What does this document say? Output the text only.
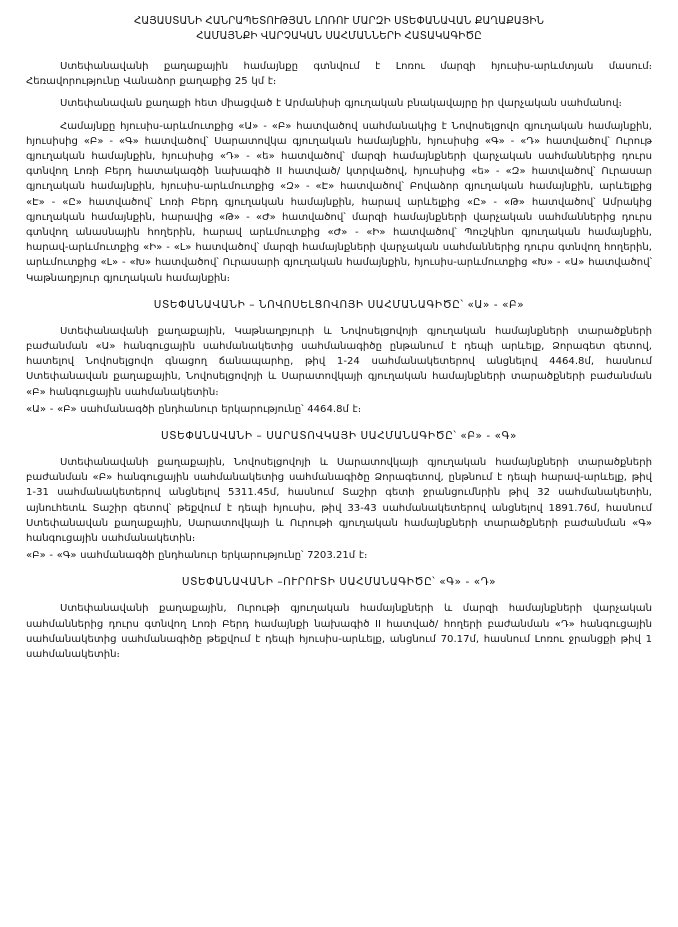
ՀԱՅԱՍՏԱՆԻ ՀԱՆՐԱՊԵՏՈՒԹՅԱՆ ԼՈՌՈՒ ՄԱՐԶԻ ՍՏԵՓԱՆԱՎԱՆ ՔԱՂԱՔԱՅԻՆ
ՀԱՄԱՅՆՔԻ ՎԱՐՉԱԿԱՆ ՍԱՀՄԱՆՆԵՐԻ ՀԱՏԱԿԱԳԻԾԸ

Ստեփանավանի քաղաքային համայնքը գտնվում է Լոռու մարզի հյուսիս-արևմտյան մասում։ Հեռավորությունը Վանաձոր քաղաքից 25 կմ է։

Ստեփանավան քաղաքի հետ միացված է Արմանիսի գյուղական բնակավայրը իր վարչական սահմանով։

Համայնքը հյուսիս-արևմուտքից «Ա» - «Բ» հատվածով սահմանակից է Նովոսելցովո գյուղական համայնքին, հյուսիսից «Բ» - «Գ» հատվածով՝ Սարատովկա գյուղական համայնքին, հյուսիսից «Գ» - «Դ» հատվածով՝ Ուրութ գյուղական համայնքին, հյուսիսից «Դ» - «ե» հատվածով՝ մարզի համայնքների վարչական սահմաններից դուրս գտնվող Լոռի Բերդ հատակագծի նախագիծ II հատված/ կտրվածով, հյուսիսից «ե» - «Զ» հատվածով՝ Ուրասար գյուղական համայնքին, հյուսիս-արևմուտքից «Զ» - «Է» հատվածով՝ Բովաձոր գյուղական համայնքին, արևելքից «Է» - «Ը» հատվածով՝ Լոռի Բերդ գյուղական համայնքին, հարավ արևելքից «Ը» - «Թ» հատվածով՝ Ամրակից գյուղական համայնքին, հարավից «Թ» - «Ժ» հատվածով՝ մարզի համայնքների վարչական սահմաններից դուրս գտնվող անասնային հողերին, հարավ արևմուտքից «Ժ» - «Ի» հատվածով՝ Պուշկինո գյուղական համայնքին, հարավ-արևմուտքից «Ի» - «Լ» հատվածով՝ մարզի համայնքների վարչական սահմաններից դուրս գտնվող հողերին, արևմուտքից «Լ» - «Խ» հատվածով՝ Ուրասարի գյուղական համայնքին, հյուսիս-արևմուտքից «Խ» - «Ա» հատվածով՝ Կաթնաղբյուր գյուղական համայնքին։

ՍՏԵՓԱՆԱՎԱՆԻ – ՆՈՎՈՍԵԼՑՈՎՈՅԻ ՍԱՀՄԱՆԱԳԻԾԸ՝ «Ա» - «Բ»

Ստեփանավանի քաղաքային, Կաթնաղբյուրի և Նովոսելցովոյի գյուղական համայնքների տարածքների բաժանման «Ա» հանգուցային սահմանակետից սահմանագիծը ընթանում է դեպի արևելք, Ձորագետ գետով, հատելով Նովոսելցովո գնացող ճանապարհը, թիվ 1-24 սահմանակետերով անցնելով 4464.8մ, հասնում Ստեփանավան քաղաքային, Նովոսելցովոյի և Սարատովկայի գյուղական համայնքների տարածքների բաժանման «Բ» հանգուցային սահմանակետին։

«Ա» - «Բ» սահմանագծի ընդհանուր երկարությունը՝ 4464.8մ է։

ՍՏԵՓԱՆԱՎԱՆԻ – ՍԱՐԱՏՈՎԿԱՅԻ ՍԱՀՄԱՆԱԳԻԾԸ՝ «Բ» - «Գ»

Ստեփանավանի քաղաքային, Նովոսելցովոյի և Սարատովկայի գյուղական համայնքների տարածքների բաժանման «Բ» հանգուցային սահմանակետից սահմանագիծը Ձորագետով, ընթնում է դեպի հարավ-արևելք, թիվ 1-31 սահմանակետերով անցնելով 5311.45մ, հասնում Տաշիր գետի ջրանցումնրին թիվ 32 սահմանակետին, այնուհետև Տաշիր գետով՝ թեքվում է դեպի հյուսիս, թիվ 33-43 սահմանակետերով անցնելով 1891.76մ, հասնում Ստեփանավան քաղաքային, Սարատովկայի և Ուրութի գյուղական համայնքների տարածքների բաժանման «Գ» հանգուցային սահմանակետին։

«Բ» - «Գ» սահմանագծի ընդհանուր երկարությունը՝ 7203.21մ է։

ՍՏԵՓԱՆԱՎԱՆԻ –ՈՒՐՈՒՏԻ ՍԱՀՄԱՆԱԳԻԾԸ՝ «Գ» - «Դ»

Ստեփանավանի քաղաքային, Ուրութի գյուղական համայնքների և մարզի համայնքների վարչական սահմաններից դուրս գտնվող Լոռի Բերդ համայնքի նախագիծ II հատված/ հողերի բաժանման «Դ» հանգուցային սահմանակետից սահմանագիծը թեքվում է դեպի հյուսիս-արևելք, անցնում 70.17մ, հասնում Լոռու ջրանցքի թիվ 1 սահմանակետին։
